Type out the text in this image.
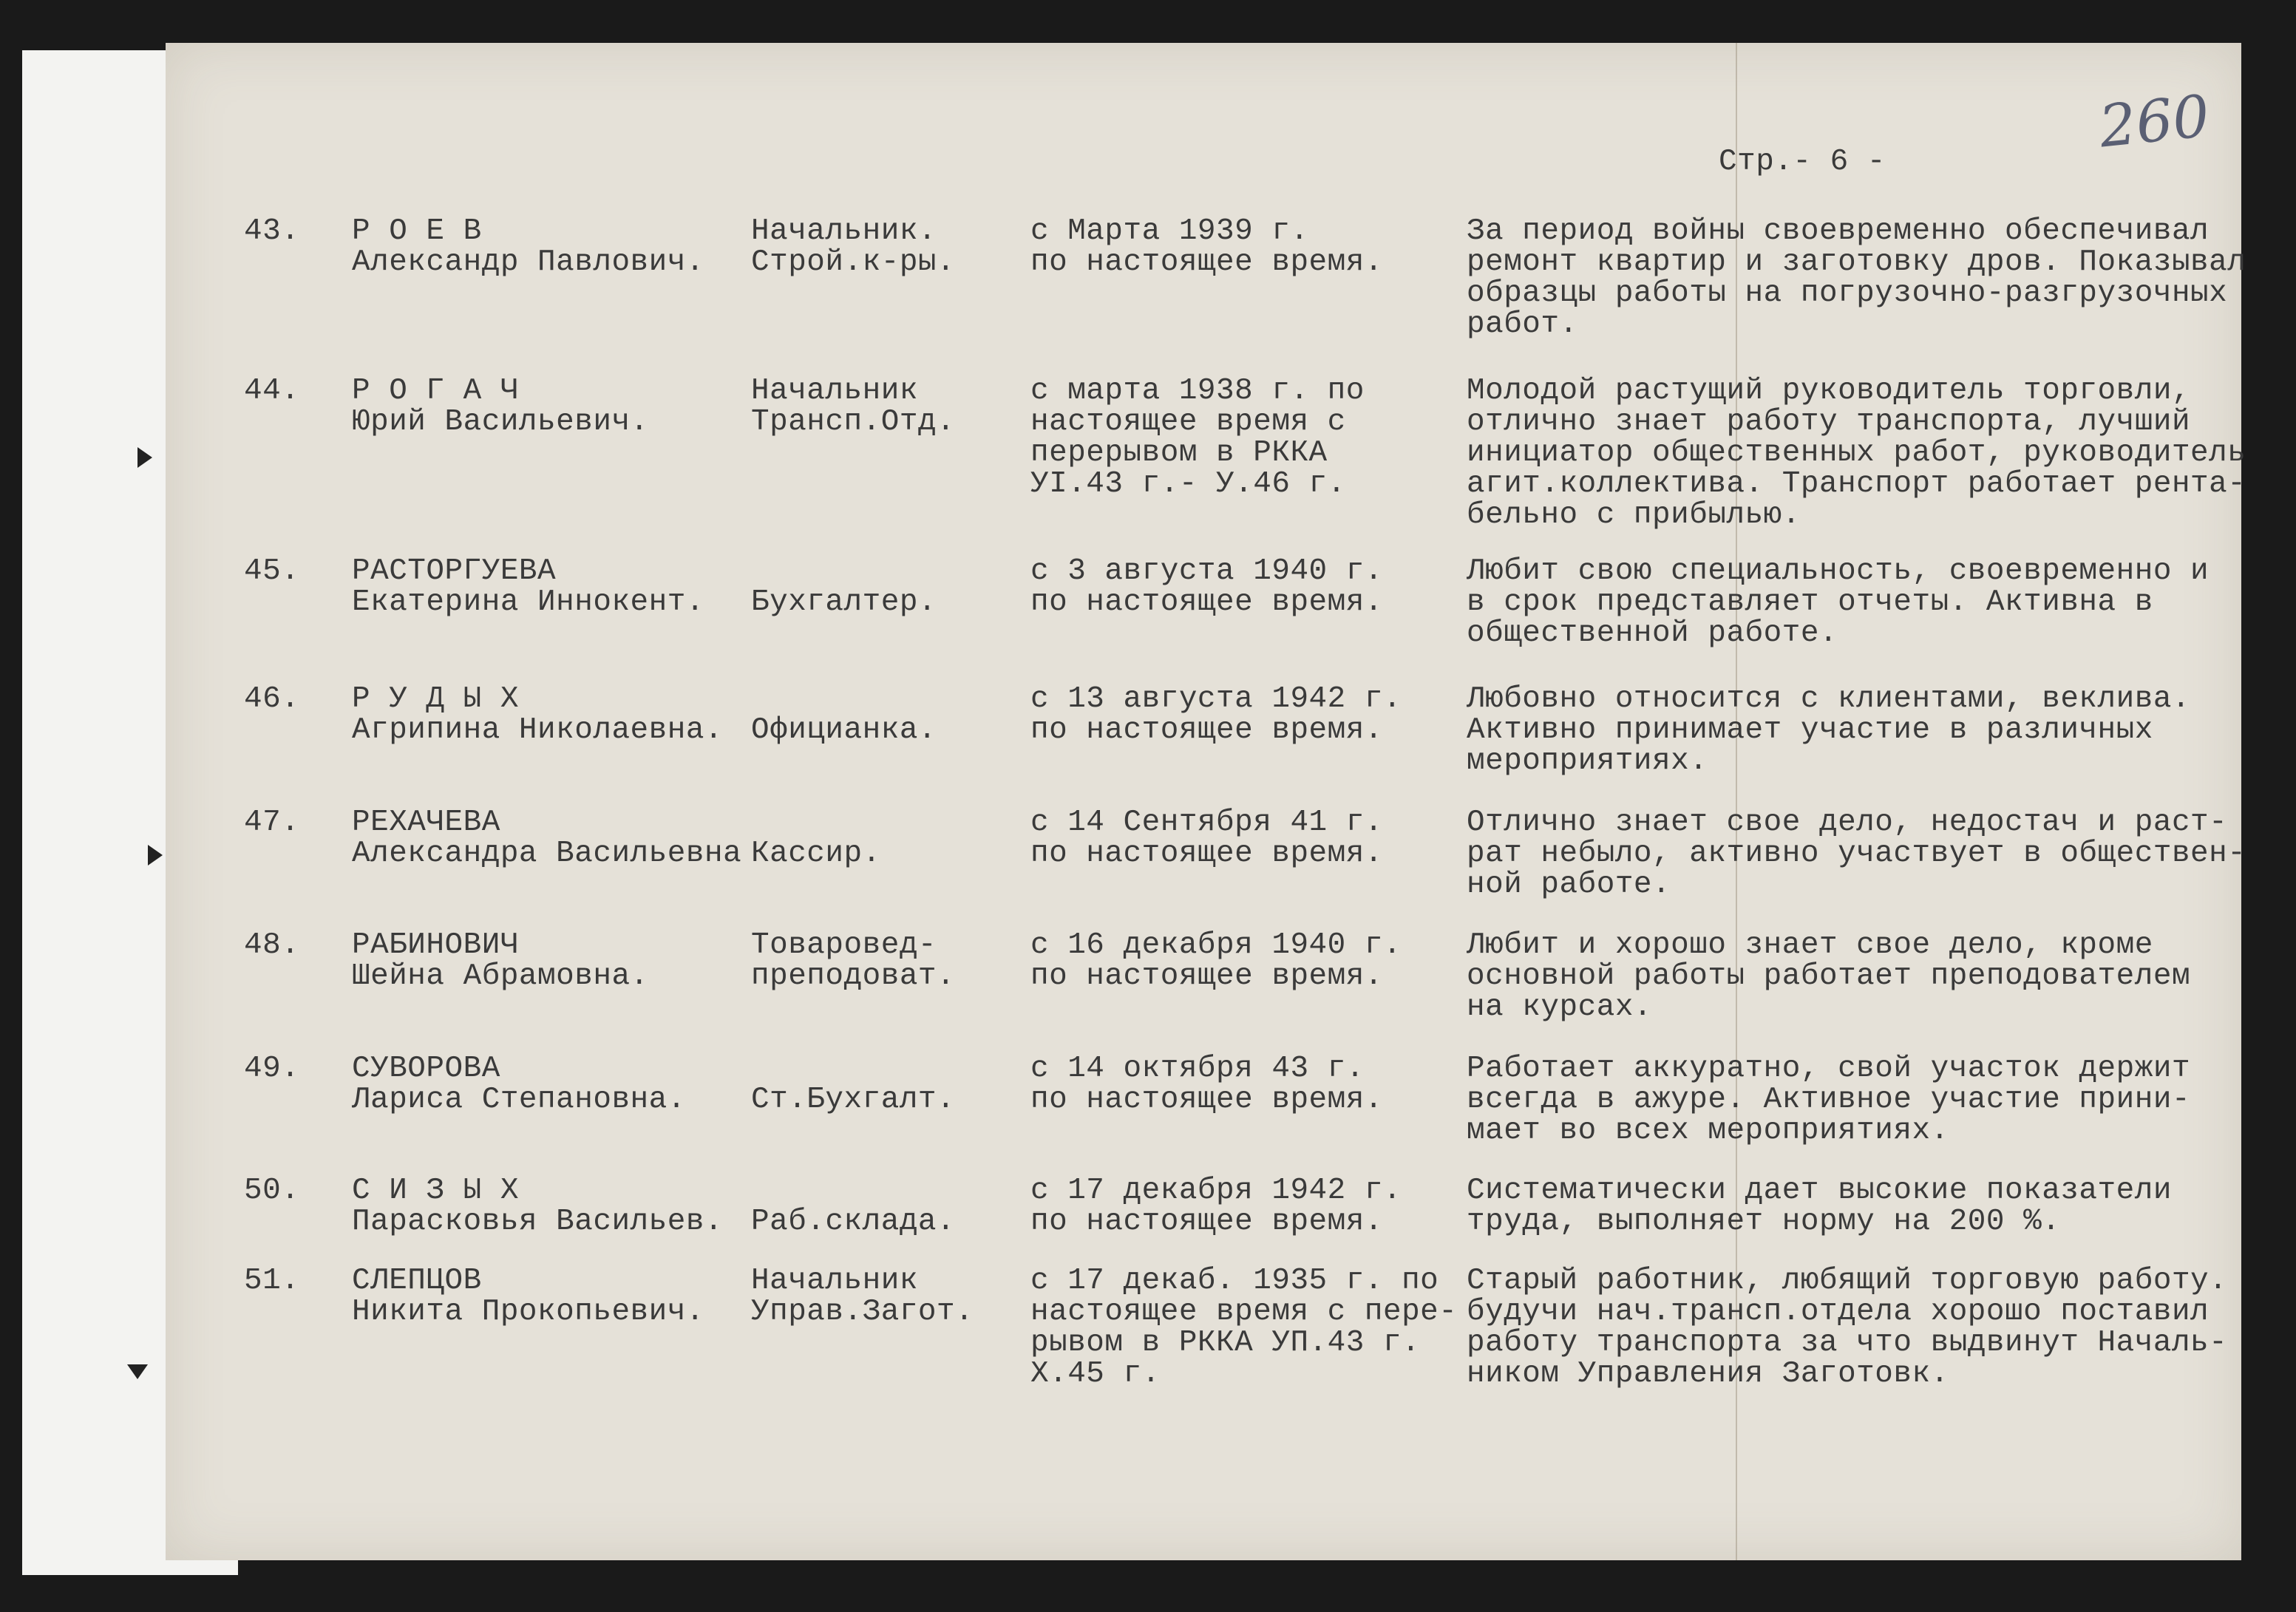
260
Стр.- 6 -
43. Р О Е В
Александр Павлович.
Начальник.
Строй.к-ры.
с Марта 1939 г.
по настоящее время.
За период войны своевременно обеспечивал
ремонт квартир и заготовку дров. Показывал
образцы работы на погрузочно-разгрузочных
работ.
44. Р О Г А Ч
Юрий Васильевич.
Начальник
Трансп.Отд.
с марта 1938 г. по
настоящее время с
перерывом в РККА
УI.43 г.- У.46 г.
Молодой растущий руководитель торговли,
отлично знает работу транспорта, лучший
инициатор общественных работ, руководитель
агит.коллектива. Транспорт работает рента-
бельно с прибылью.
45. РАСТОРГУЕВА
Екатерина Иннокент. Бухгалтер.
с 3 августа 1940 г.
по настоящее время.
Любит свою специальность, своевременно и
в срок представляет отчеты. Активна в
общественной работе.
46. Р У Д Ы Х
Агрипина Николаевна. Официанка.
с 13 августа 1942 г.
по настоящее время.
Любовно относится с клиентами, веклива.
Активно принимает участие в различных
мероприятиях.
47. РЕХАЧЕВА
Александра Васильевна Кассир.
с 14 Сентября 41 г.
по настоящее время.
Отлично знает свое дело, недостач и раст-
рат небыло, активно участвует в обществен-
ной работе.
48. РАБИНОВИЧ
Шейна Абрамовна.
Товаровед-
преподоват.
с 16 декабря 1940 г.
по настоящее время.
Любит и хорошо знает свое дело, кроме
основной работы работает преподователем
на курсах.
49. СУВОРОВА
Лариса Степановна. Ст.Бухгалт.
с 14 октября 43 г.
по настоящее время.
Работает аккуратно, свой участок держит
всегда в ажуре. Активное участие прини-
мает во всех мероприятиях.
50. С И З Ы Х
Парасковья Васильев. Раб.склада.
с 17 декабря 1942 г.
по настоящее время.
Систематически дает высокие показатели
труда, выполняет норму на 200 %.
51. СЛЕПЦОВ
Никита Прокопьевич.
Начальник
Управ.Загот.
с 17 декаб. 1935 г. по
настоящее время с пере-
рывом в РККА УП.43 г.
Х.45 г.
Старый работник, любящий торговую работу.
будучи нач.трансп.отдела хорошо поставил
работу транспорта за что выдвинут Началь-
ником Управления Заготовк.
